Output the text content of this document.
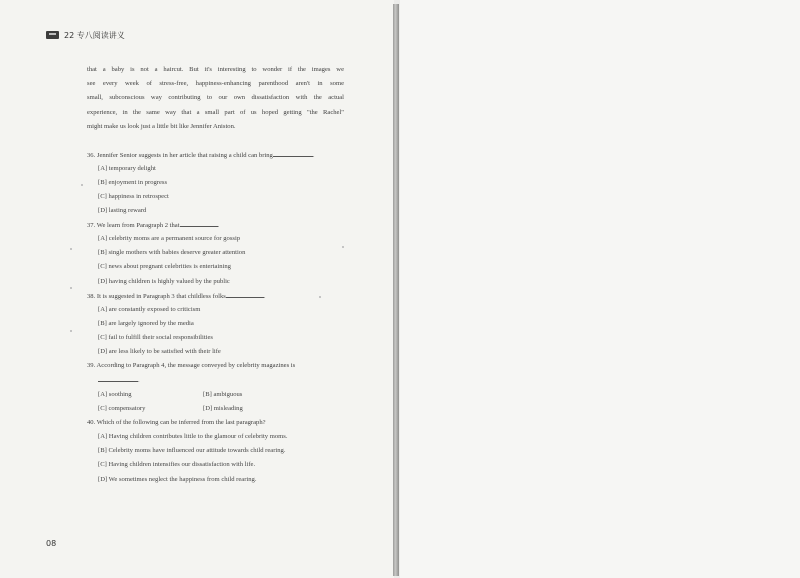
22 专八阅读讲义
that a baby is not a haircut. But it's interesting to wonder if the images we
see every week of stress-free, happiness-enhancing parenthood aren't in some
small, subconscious way contributing to our own dissatisfaction with the actual
experience, in the same way that a small part of us hoped getting "the Rachel"
might make us look just a little bit like Jennifer Aniston.
36. Jennifer Senior suggests in her article that raising a child can bring	.
[A] temporary delight
[B] enjoyment in progress
[C] happiness in retrospect
[D] lasting reward
37. We learn from Paragraph 2 that	.
[A] celebrity moms are a permanent source for gossip
[B] single mothers with babies deserve greater attention
[C] news about pregnant celebrities is entertaining
[D] having children is highly valued by the public
38. It is suggested in Paragraph 3 that childless folks	.
[A] are constantly exposed to criticism
[B] are largely ignored by the media
[C] fail to fulfill their social responsibilities
[D] are less likely to be satisfied with their life
39. According to Paragraph 4, the message conveyed by celebrity magazines is
.
[A] soothing	[B] ambiguous
[C] compensatory	[D] misleading
40. Which of the following can be inferred from the last paragraph?
[A] Having children contributes little to the glamour of celebrity moms.
[B] Celebrity moms have influenced our attitude towards child rearing.
[C] Having children intensifies our dissatisfaction with life.
[D] We sometimes neglect the happiness from child rearing.
08
